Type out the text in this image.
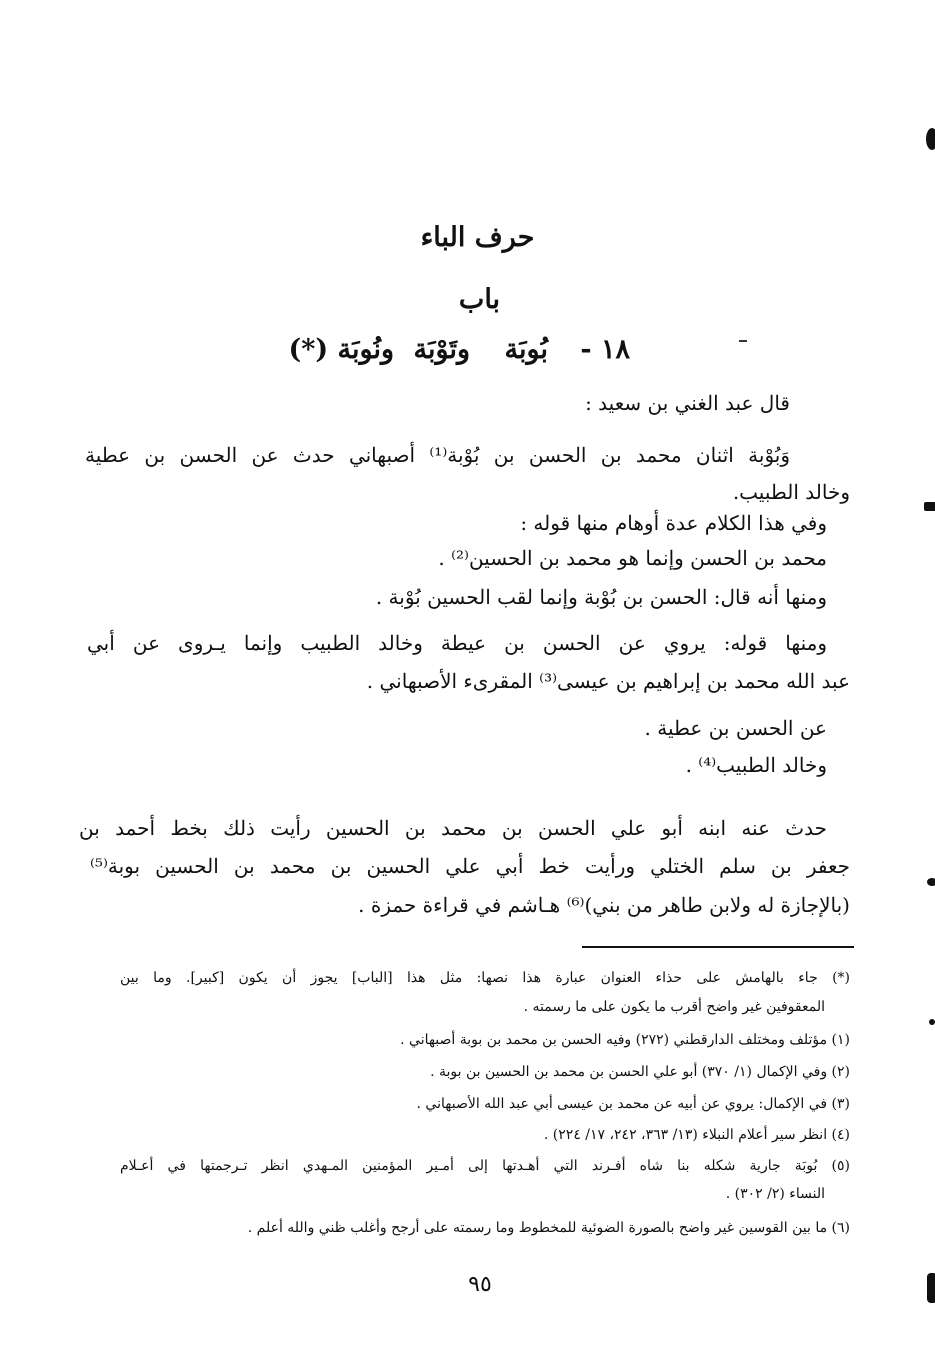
حرف الباء
باب
١٨ -
بُوبَة
وتَوْبَة
ونُوبَة (*)
قال عبد الغني بن سعيد :
وَبُوْبة اثنان محمد بن الحسن بن بُوْبة⁽¹⁾ أصبهاني حدث عن الحسن بن عطية
وخالد الطبيب.
وفي هذا الكلام عدة أوهام منها قوله :
محمد بن الحسن وإنما هو محمد بن الحسين⁽²⁾ .
ومنها أنه قال: الحسن بن بُوْبة وإنما لقب الحسين بُوْبة .
ومنها قوله: يروي عن الحسن بن عيطة وخالد الطبيب وإنما يـروى عن أبي
عبد الله محمد بن إبراهيم بن عيسى⁽³⁾ المقرىء الأصبهاني .
عن الحسن بن عطية .
وخالد الطبيب⁽⁴⁾ .
حدث عنه ابنه أبو علي الحسن بن محمد بن الحسين رأيت ذلك بخط أحمد بن
جعفر بن سلم الختلي ورأيت خط أبي علي الحسين بن محمد بن الحسين بوبة⁽⁵⁾
(بالإجازة له ولابن طاهر من بني)⁽⁶⁾ هـاشم في قراءة حمزة .
(*) جاء بالهامش على حذاء العنوان عبارة هذا نصها: مثل هذا [الباب] يجوز أن يكون [كبير]. وما بين
المعقوفين غير واضح أقرب ما يكون على ما رسمته .
(١) مؤتلف ومختلف الدارقطني (٢٧٢) وفيه الحسن بن محمد بن بوبة أصبهاني .
(٢) وفي الإكمال (١/ ٣٧٠) أبو علي الحسن بن محمد بن الحسين بن بوبة .
(٣) في الإكمال: يروي عن أبيه عن محمد بن عيسى أبي عبد الله الأصبهاني .
(٤) انظر سير أعلام النبلاء (١٣/ ٣٦٣، ٢٤٢، ١٧/ ٢٢٤) .
(٥) بُوبَة جارية شكله بنا شاه أفـرند التي أهـدتها إلى أمـير المؤمنين المـهدي انظر تـرجمتها في أعـلام
النساء (٢/ ٣٠٢) .
(٦) ما بين القوسين غير واضح بالصورة الضوئية للمخطوط وما رسمته على أرجح وأغلب ظني والله أعلم .
٩٥
